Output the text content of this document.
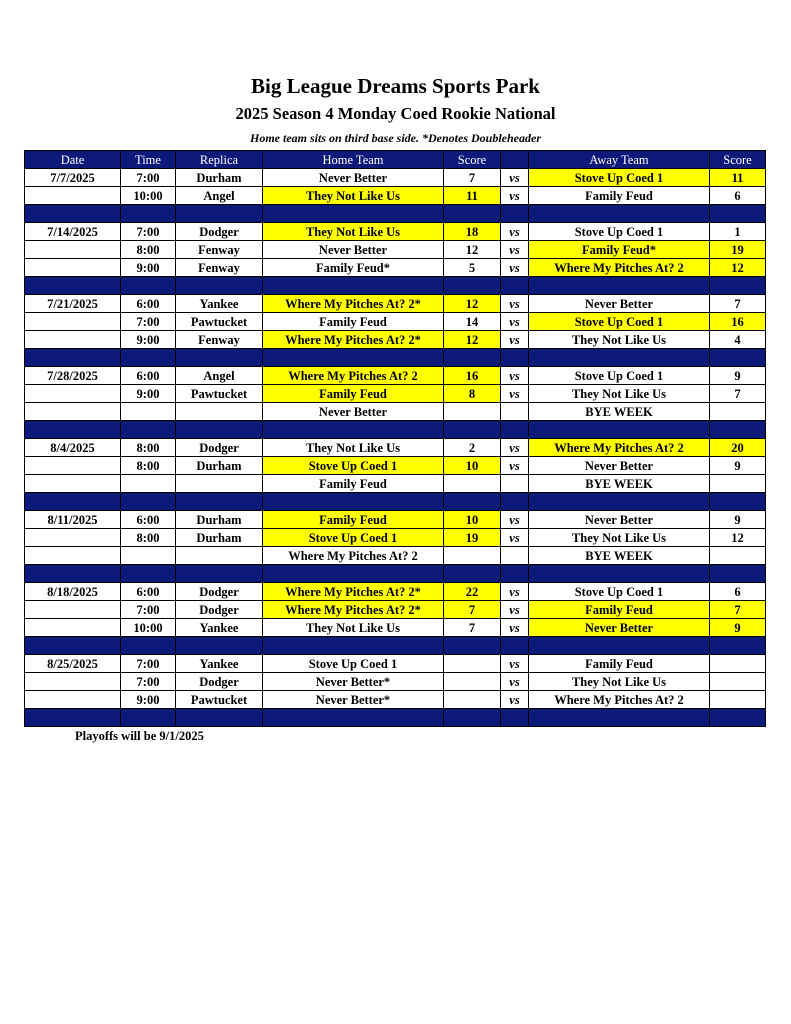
Big League Dreams Sports Park
2025 Season 4 Monday Coed Rookie National
Home team sits on third base side. *Denotes Doubleheader
Date	Time	Replica	Home Team	Score		Away Team	Score
7/7/2025	7:00	Durham	Never Better	7	vs	Stove Up Coed 1	11
	10:00	Angel	They Not Like Us	11	vs	Family Feud	6

7/14/2025	7:00	Dodger	They Not Like Us	18	vs	Stove Up Coed 1	1
	8:00	Fenway	Never Better	12	vs	Family Feud*	19
	9:00	Fenway	Family Feud*	5	vs	Where My Pitches At? 2	12

7/21/2025	6:00	Yankee	Where My Pitches At? 2*	12	vs	Never Better	7
	7:00	Pawtucket	Family Feud	14	vs	Stove Up Coed 1	16
	9:00	Fenway	Where My Pitches At? 2*	12	vs	They Not Like Us	4

7/28/2025	6:00	Angel	Where My Pitches At? 2	16	vs	Stove Up Coed 1	9
	9:00	Pawtucket	Family Feud	8	vs	They Not Like Us	7
			Never Better			BYE WEEK	

8/4/2025	8:00	Dodger	They Not Like Us	2	vs	Where My Pitches At? 2	20
	8:00	Durham	Stove Up Coed 1	10	vs	Never Better	9
			Family Feud			BYE WEEK	

8/11/2025	6:00	Durham	Family Feud	10	vs	Never Better	9
	8:00	Durham	Stove Up Coed 1	19	vs	They Not Like Us	12
			Where My Pitches At? 2			BYE WEEK	

8/18/2025	6:00	Dodger	Where My Pitches At? 2*	22	vs	Stove Up Coed 1	6
	7:00	Dodger	Where My Pitches At? 2*	7	vs	Family Feud	7
	10:00	Yankee	They Not Like Us	7	vs	Never Better	9

8/25/2025	7:00	Yankee	Stove Up Coed 1		vs	Family Feud	
	7:00	Dodger	Never Better*		vs	They Not Like Us	
	9:00	Pawtucket	Never Better*		vs	Where My Pitches At? 2	

Playoffs will be 9/1/2025
